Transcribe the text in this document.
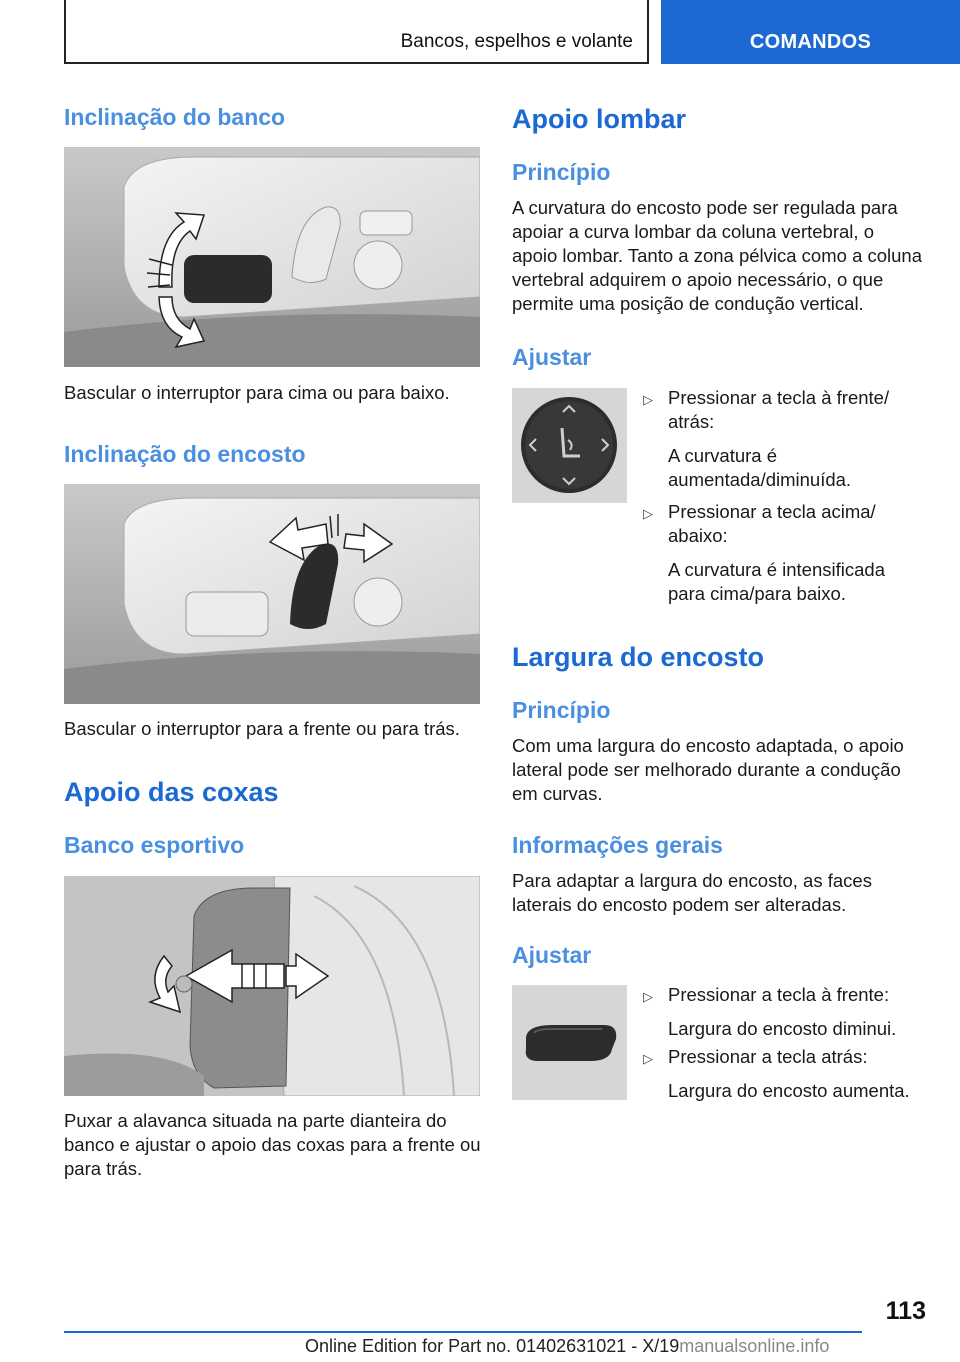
Bancos, espelhos e volante	COMANDOS
Inclinação do banco
Bascular o interruptor para cima ou para baixo.
Inclinação do encosto
Bascular o interruptor para a frente ou para trás.
Apoio das coxas
Banco esportivo
Puxar a alavanca situada na parte dianteira do banco e ajustar o apoio das coxas para a frente ou para trás.
Apoio lombar
Princípio
A curvatura do encosto pode ser regulada para apoiar a curva lombar da coluna vertebral, o apoio lombar. Tanto a zona pélvica como a coluna vertebral adquirem o apoio necessário, o que permite uma posição de condução vertical.
Ajustar
▷ Pressionar a tecla à frente/ atrás:
A curvatura é aumentada/diminuída.
▷ Pressionar a tecla acima/ abaixo:
A curvatura é intensificada para cima/para baixo.
Largura do encosto
Princípio
Com uma largura do encosto adaptada, o apoio lateral pode ser melhorado durante a condução em curvas.
Informações gerais
Para adaptar a largura do encosto, as faces laterais do encosto podem ser alteradas.
Ajustar
▷ Pressionar a tecla à frente:
Largura do encosto diminui.
▷ Pressionar a tecla atrás:
Largura do encosto aumenta.
113
Online Edition for Part no. 01402631021 - X/19manualsonline.info
